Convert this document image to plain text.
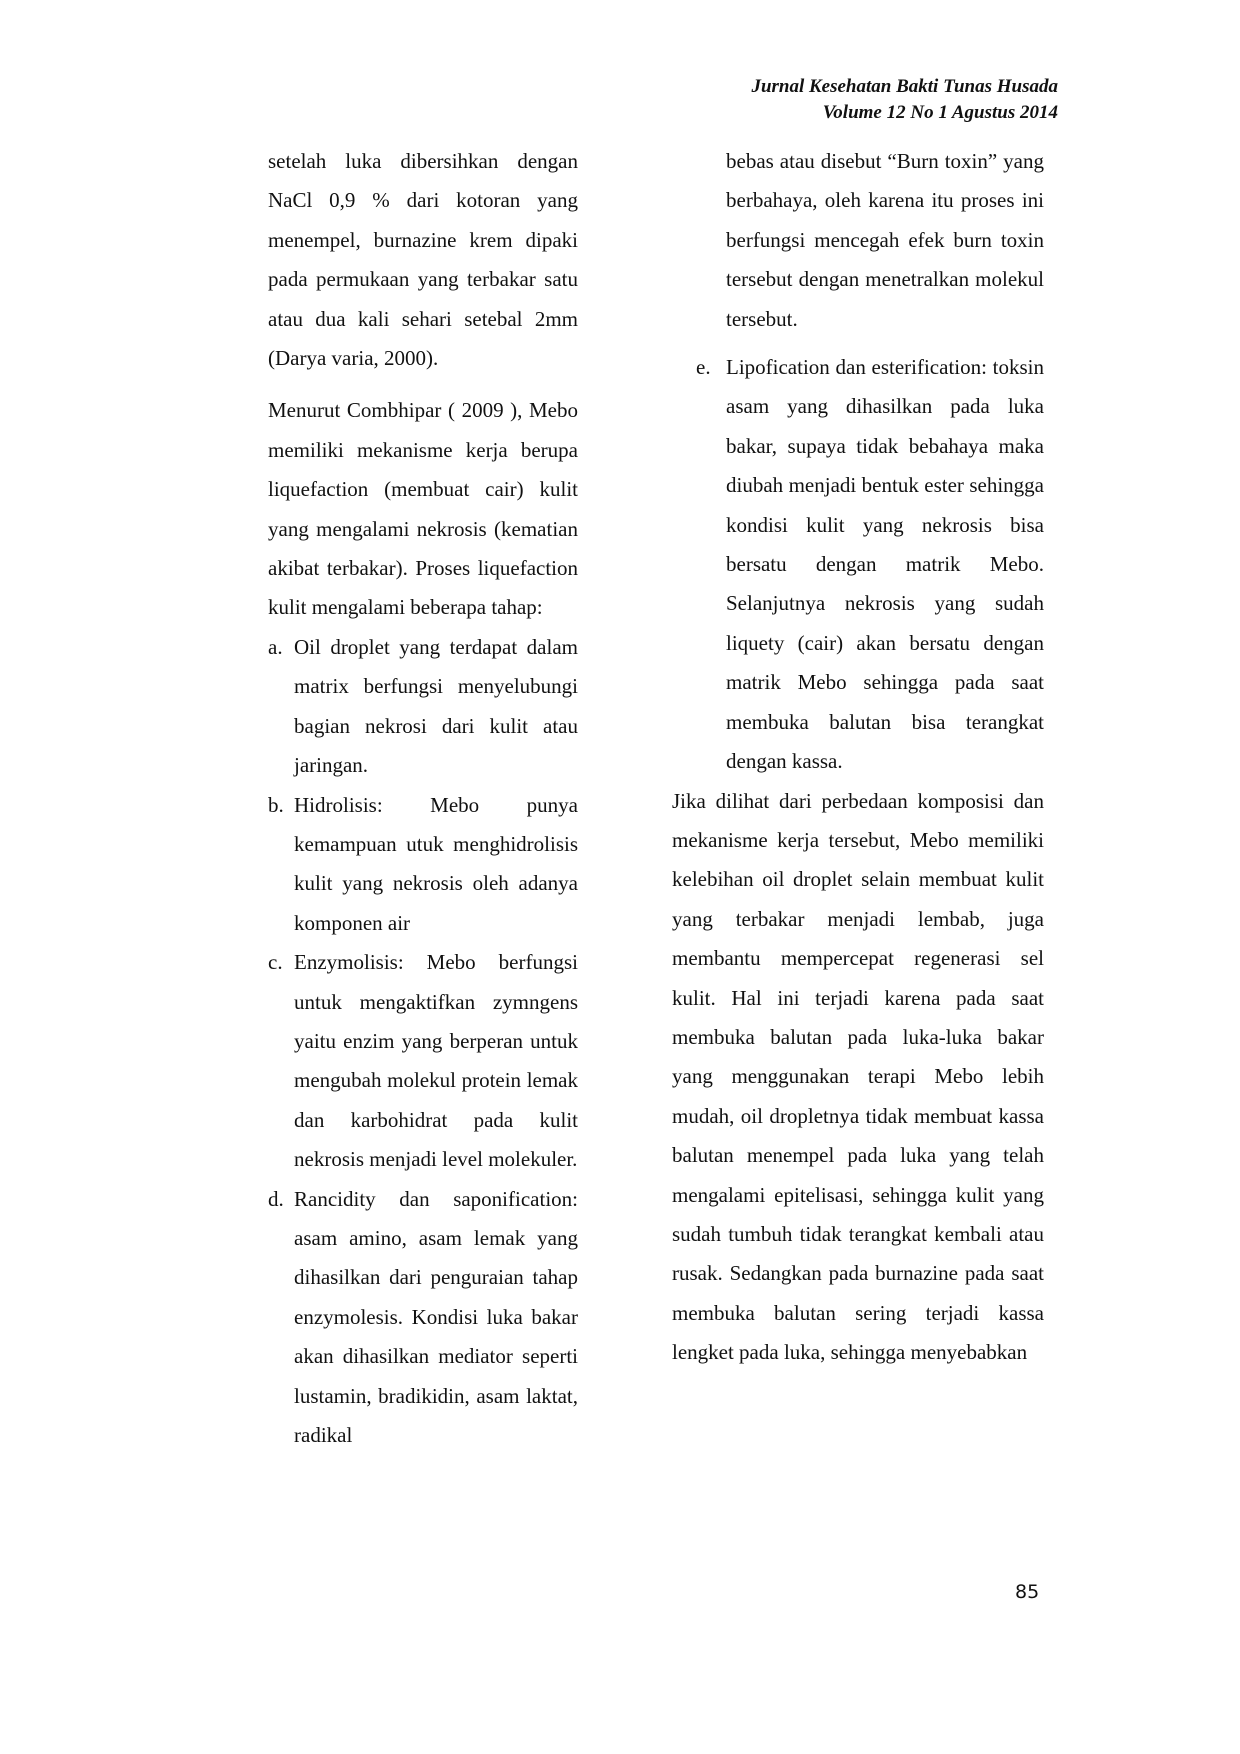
Jurnal Kesehatan Bakti Tunas Husada
Volume 12 No 1 Agustus 2014
setelah luka dibersihkan dengan NaCl 0,9 % dari kotoran yang menempel, burnazine krem dipaki pada permukaan yang terbakar satu atau dua kali sehari setebal 2mm (Darya varia, 2000).
Menurut Combhipar ( 2009 ), Mebo memiliki mekanisme kerja berupa liquefaction (membuat cair) kulit yang mengalami nekrosis (kematian akibat terbakar). Proses liquefaction kulit mengalami beberapa tahap:
a. Oil droplet yang terdapat dalam matrix berfungsi menyelubungi bagian nekrosi dari kulit atau jaringan.
b. Hidrolisis: Mebo punya kemampuan utuk menghidrolisis kulit yang nekrosis oleh adanya komponen air
c. Enzymolisis: Mebo berfungsi untuk mengaktifkan zymngens yaitu enzim yang berperan untuk mengubah molekul protein lemak dan karbohidrat pada kulit nekrosis menjadi level molekuler.
d. Rancidity dan saponification: asam amino, asam lemak yang dihasilkan dari penguraian tahap enzymolesis. Kondisi luka bakar akan dihasilkan mediator seperti lustamin, bradikidin, asam laktat, radikal
bebas atau disebut “Burn toxin” yang berbahaya, oleh karena itu proses ini berfungsi mencegah efek burn toxin tersebut dengan menetralkan molekul tersebut.
e. Lipofication dan esterification: toksin asam yang dihasilkan pada luka bakar, supaya tidak bebahaya maka diubah menjadi bentuk ester sehingga kondisi kulit yang nekrosis bisa bersatu dengan matrik Mebo. Selanjutnya nekrosis yang sudah liquety (cair) akan bersatu dengan matrik Mebo sehingga pada saat membuka balutan bisa terangkat dengan kassa.
Jika dilihat dari perbedaan komposisi dan mekanisme kerja tersebut, Mebo memiliki kelebihan oil droplet selain membuat kulit yang terbakar menjadi lembab, juga membantu mempercepat regenerasi sel kulit. Hal ini terjadi karena pada saat membuka balutan pada luka-luka bakar yang menggunakan terapi Mebo lebih mudah, oil dropletnya tidak membuat kassa balutan menempel pada luka yang telah mengalami epitelisasi, sehingga kulit yang sudah tumbuh tidak terangkat kembali atau rusak. Sedangkan pada burnazine pada saat membuka balutan sering terjadi kassa lengket pada luka, sehingga menyebabkan
85
